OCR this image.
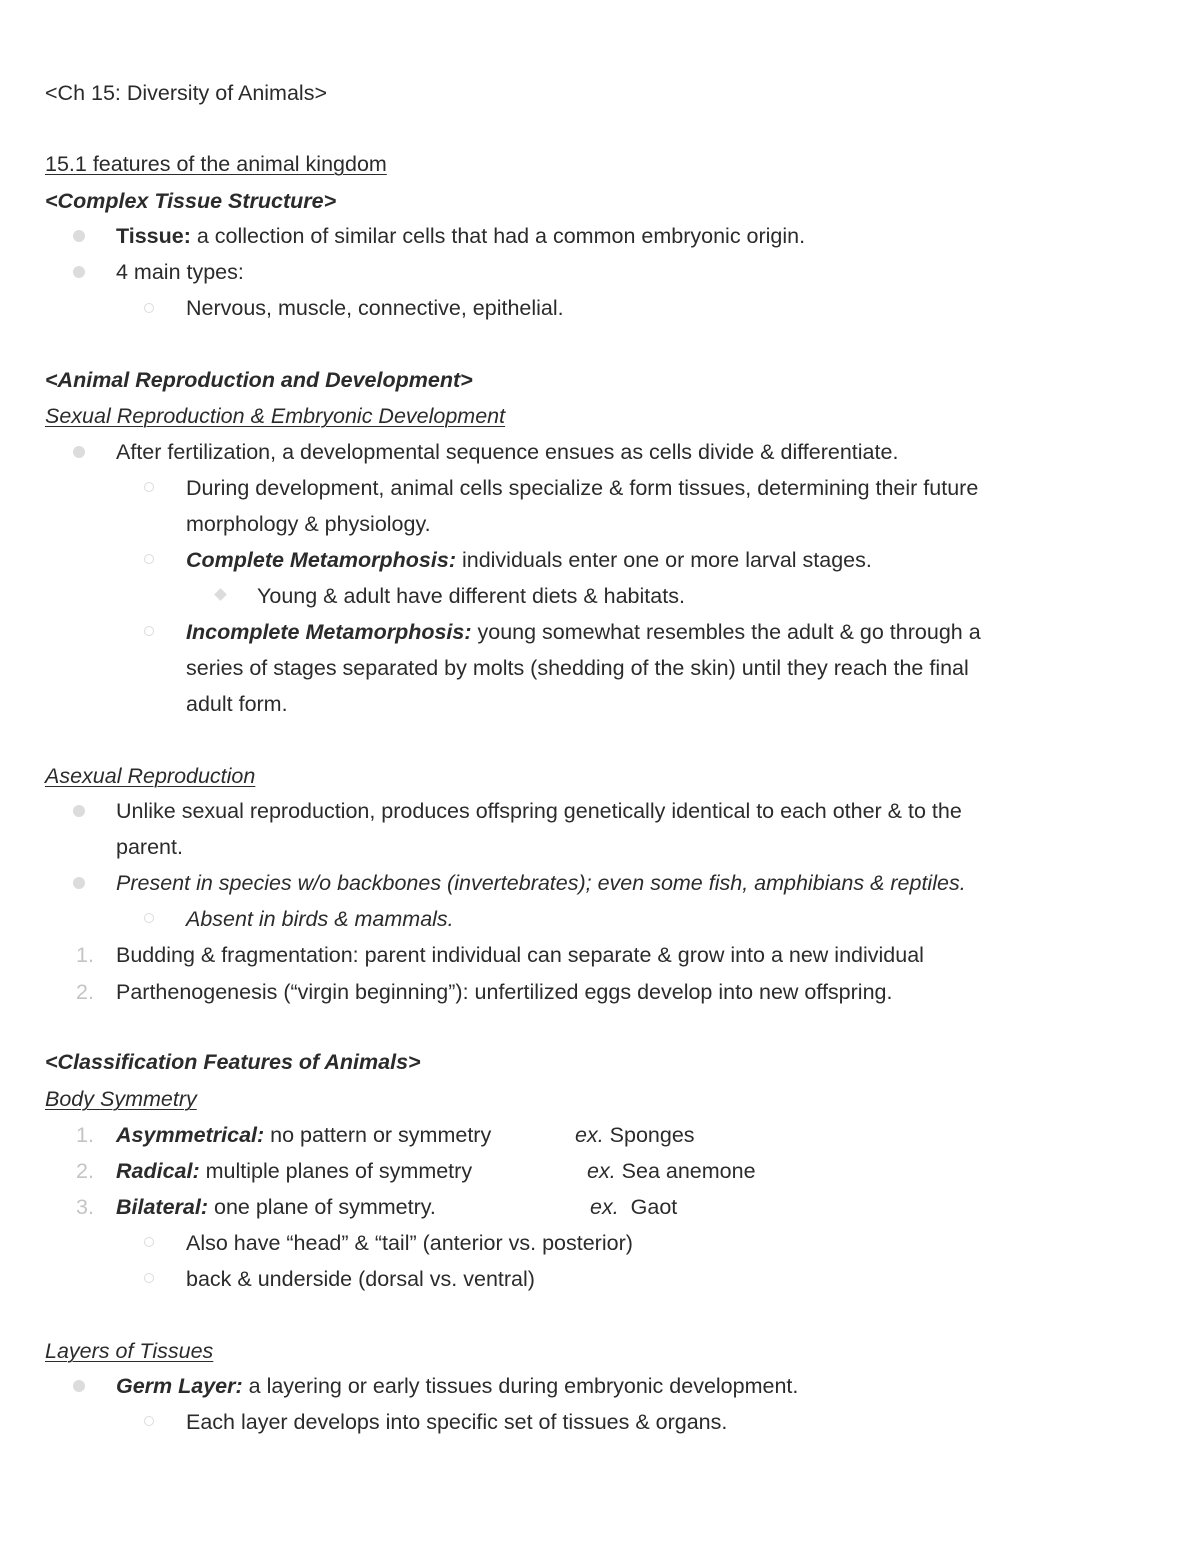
<Ch 15: Diversity of Animals>
15.1 features of the animal kingdom
<Complex Tissue Structure>
Tissue: a collection of similar cells that had a common embryonic origin.
4 main types:
Nervous, muscle, connective, epithelial.
<Animal Reproduction and Development>
Sexual Reproduction & Embryonic Development
After fertilization, a developmental sequence ensues as cells divide & differentiate.
During development, animal cells specialize & form tissues, determining their future
morphology & physiology.
Complete Metamorphosis: individuals enter one or more larval stages.
Young & adult have different diets & habitats.
Incomplete Metamorphosis: young somewhat resembles the adult & go through a
series of stages separated by molts (shedding of the skin) until they reach the final
adult form.
Asexual Reproduction
Unlike sexual reproduction, produces offspring genetically identical to each other & to the
parent.
Present in species w/o backbones (invertebrates); even some fish, amphibians & reptiles.
Absent in birds & mammals.
1. Budding & fragmentation: parent individual can separate & grow into a new individual
2. Parthenogenesis (“virgin beginning”): unfertilized eggs develop into new offspring.
<Classification Features of Animals>
Body Symmetry
1. Asymmetrical: no pattern or symmetry	ex. Sponges
2. Radical: multiple planes of symmetry	ex. Sea anemone
3. Bilateral: one plane of symmetry.	ex.  Gaot
Also have “head” & “tail” (anterior vs. posterior)
back & underside (dorsal vs. ventral)
Layers of Tissues
Germ Layer: a layering or early tissues during embryonic development.
Each layer develops into specific set of tissues & organs.
